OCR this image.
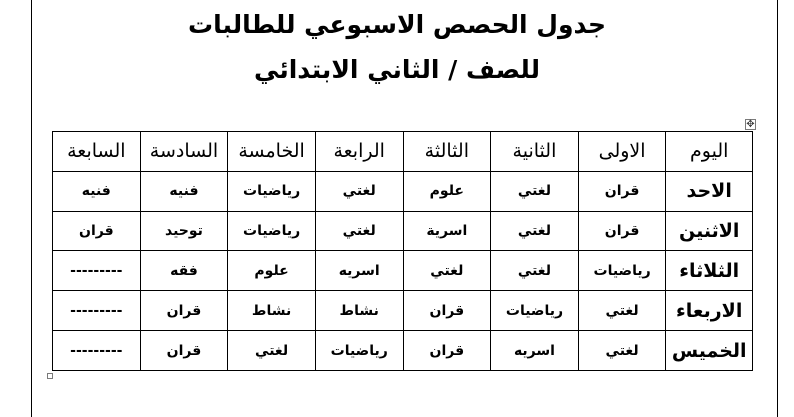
جدول الحصص الاسبوعي للطالبات
للصف / الثاني الابتدائي
✥
اليوم	الاولى	الثانية	الثالثة	الرابعة	الخامسة	السادسة	السابعة
الاحد	قران	لغتي	علوم	لغتي	رياضيات	فنيه	فنيه
الاثنين	قران	لغتي	اسرية	لغتي	رياضيات	توحيد	قران
الثلاثاء	رياضيات	لغتي	لغتي	اسريه	علوم	فقه	---------
الاربعاء	لغتي	رياضيات	قران	نشاط	نشاط	قران	---------
الخميس	لغتي	اسريه	قران	رياضيات	لغتي	قران	---------
